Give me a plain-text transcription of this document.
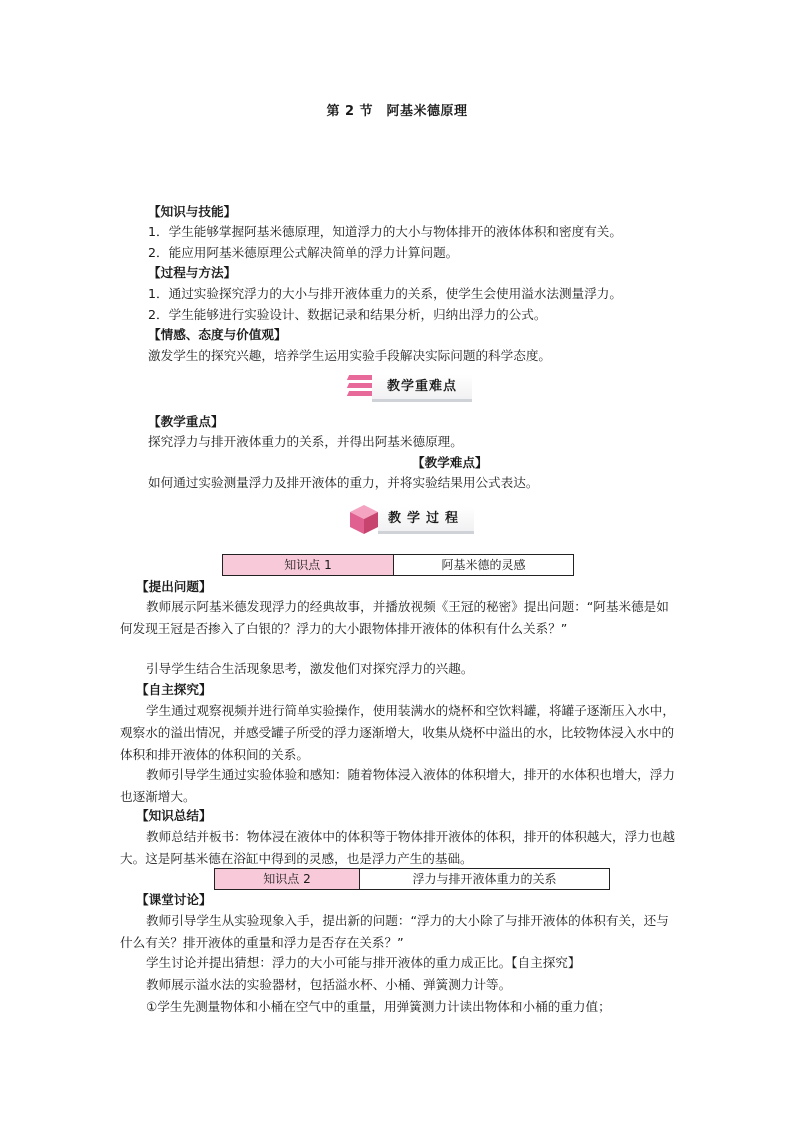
第 2 节　阿基米德原理
【知识与技能】
1．学生能够掌握阿基米德原理，知道浮力的大小与物体排开的液体体积和密度有关。
2．能应用阿基米德原理公式解决简单的浮力计算问题。
【过程与方法】
1．通过实验探究浮力的大小与排开液体重力的关系，使学生会使用溢水法测量浮力。
2．学生能够进行实验设计、数据记录和结果分析，归纳出浮力的公式。
【情感、态度与价值观】
激发学生的探究兴趣，培养学生运用实验手段解决实际问题的科学态度。
教学重难点
【教学重点】
探究浮力与排开液体重力的关系，并得出阿基米德原理。
【教学难点】
如何通过实验测量浮力及排开液体的重力，并将实验结果用公式表达。
教学过程
知识点 1	阿基米德的灵感
【提出问题】
教师展示阿基米德发现浮力的经典故事，并播放视频《王冠的秘密》提出问题：“阿基米德是如何发现王冠是否掺入了白银的？浮力的大小跟物体排开液体的体积有什么关系？”
引导学生结合生活现象思考，激发他们对探究浮力的兴趣。
【自主探究】
学生通过观察视频并进行简单实验操作，使用装满水的烧杯和空饮料罐，将罐子逐渐压入水中，观察水的溢出情况，并感受罐子所受的浮力逐渐增大，收集从烧杯中溢出的水，比较物体浸入水中的体积和排开液体的体积间的关系。
教师引导学生通过实验体验和感知：随着物体浸入液体的体积增大，排开的水体积也增大，浮力也逐渐增大。
【知识总结】
教师总结并板书：物体浸在液体中的体积等于物体排开液体的体积，排开的体积越大，浮力也越大。这是阿基米德在浴缸中得到的灵感，也是浮力产生的基础。
知识点 2	浮力与排开液体重力的关系
【课堂讨论】
教师引导学生从实验现象入手，提出新的问题：“浮力的大小除了与排开液体的体积有关，还与什么有关？排开液体的重量和浮力是否存在关系？”
学生讨论并提出猜想：浮力的大小可能与排开液体的重力成正比。【自主探究】
教师展示溢水法的实验器材，包括溢水杯、小桶、弹簧测力计等。
①学生先测量物体和小桶在空气中的重量，用弹簧测力计读出物体和小桶的重力值；
